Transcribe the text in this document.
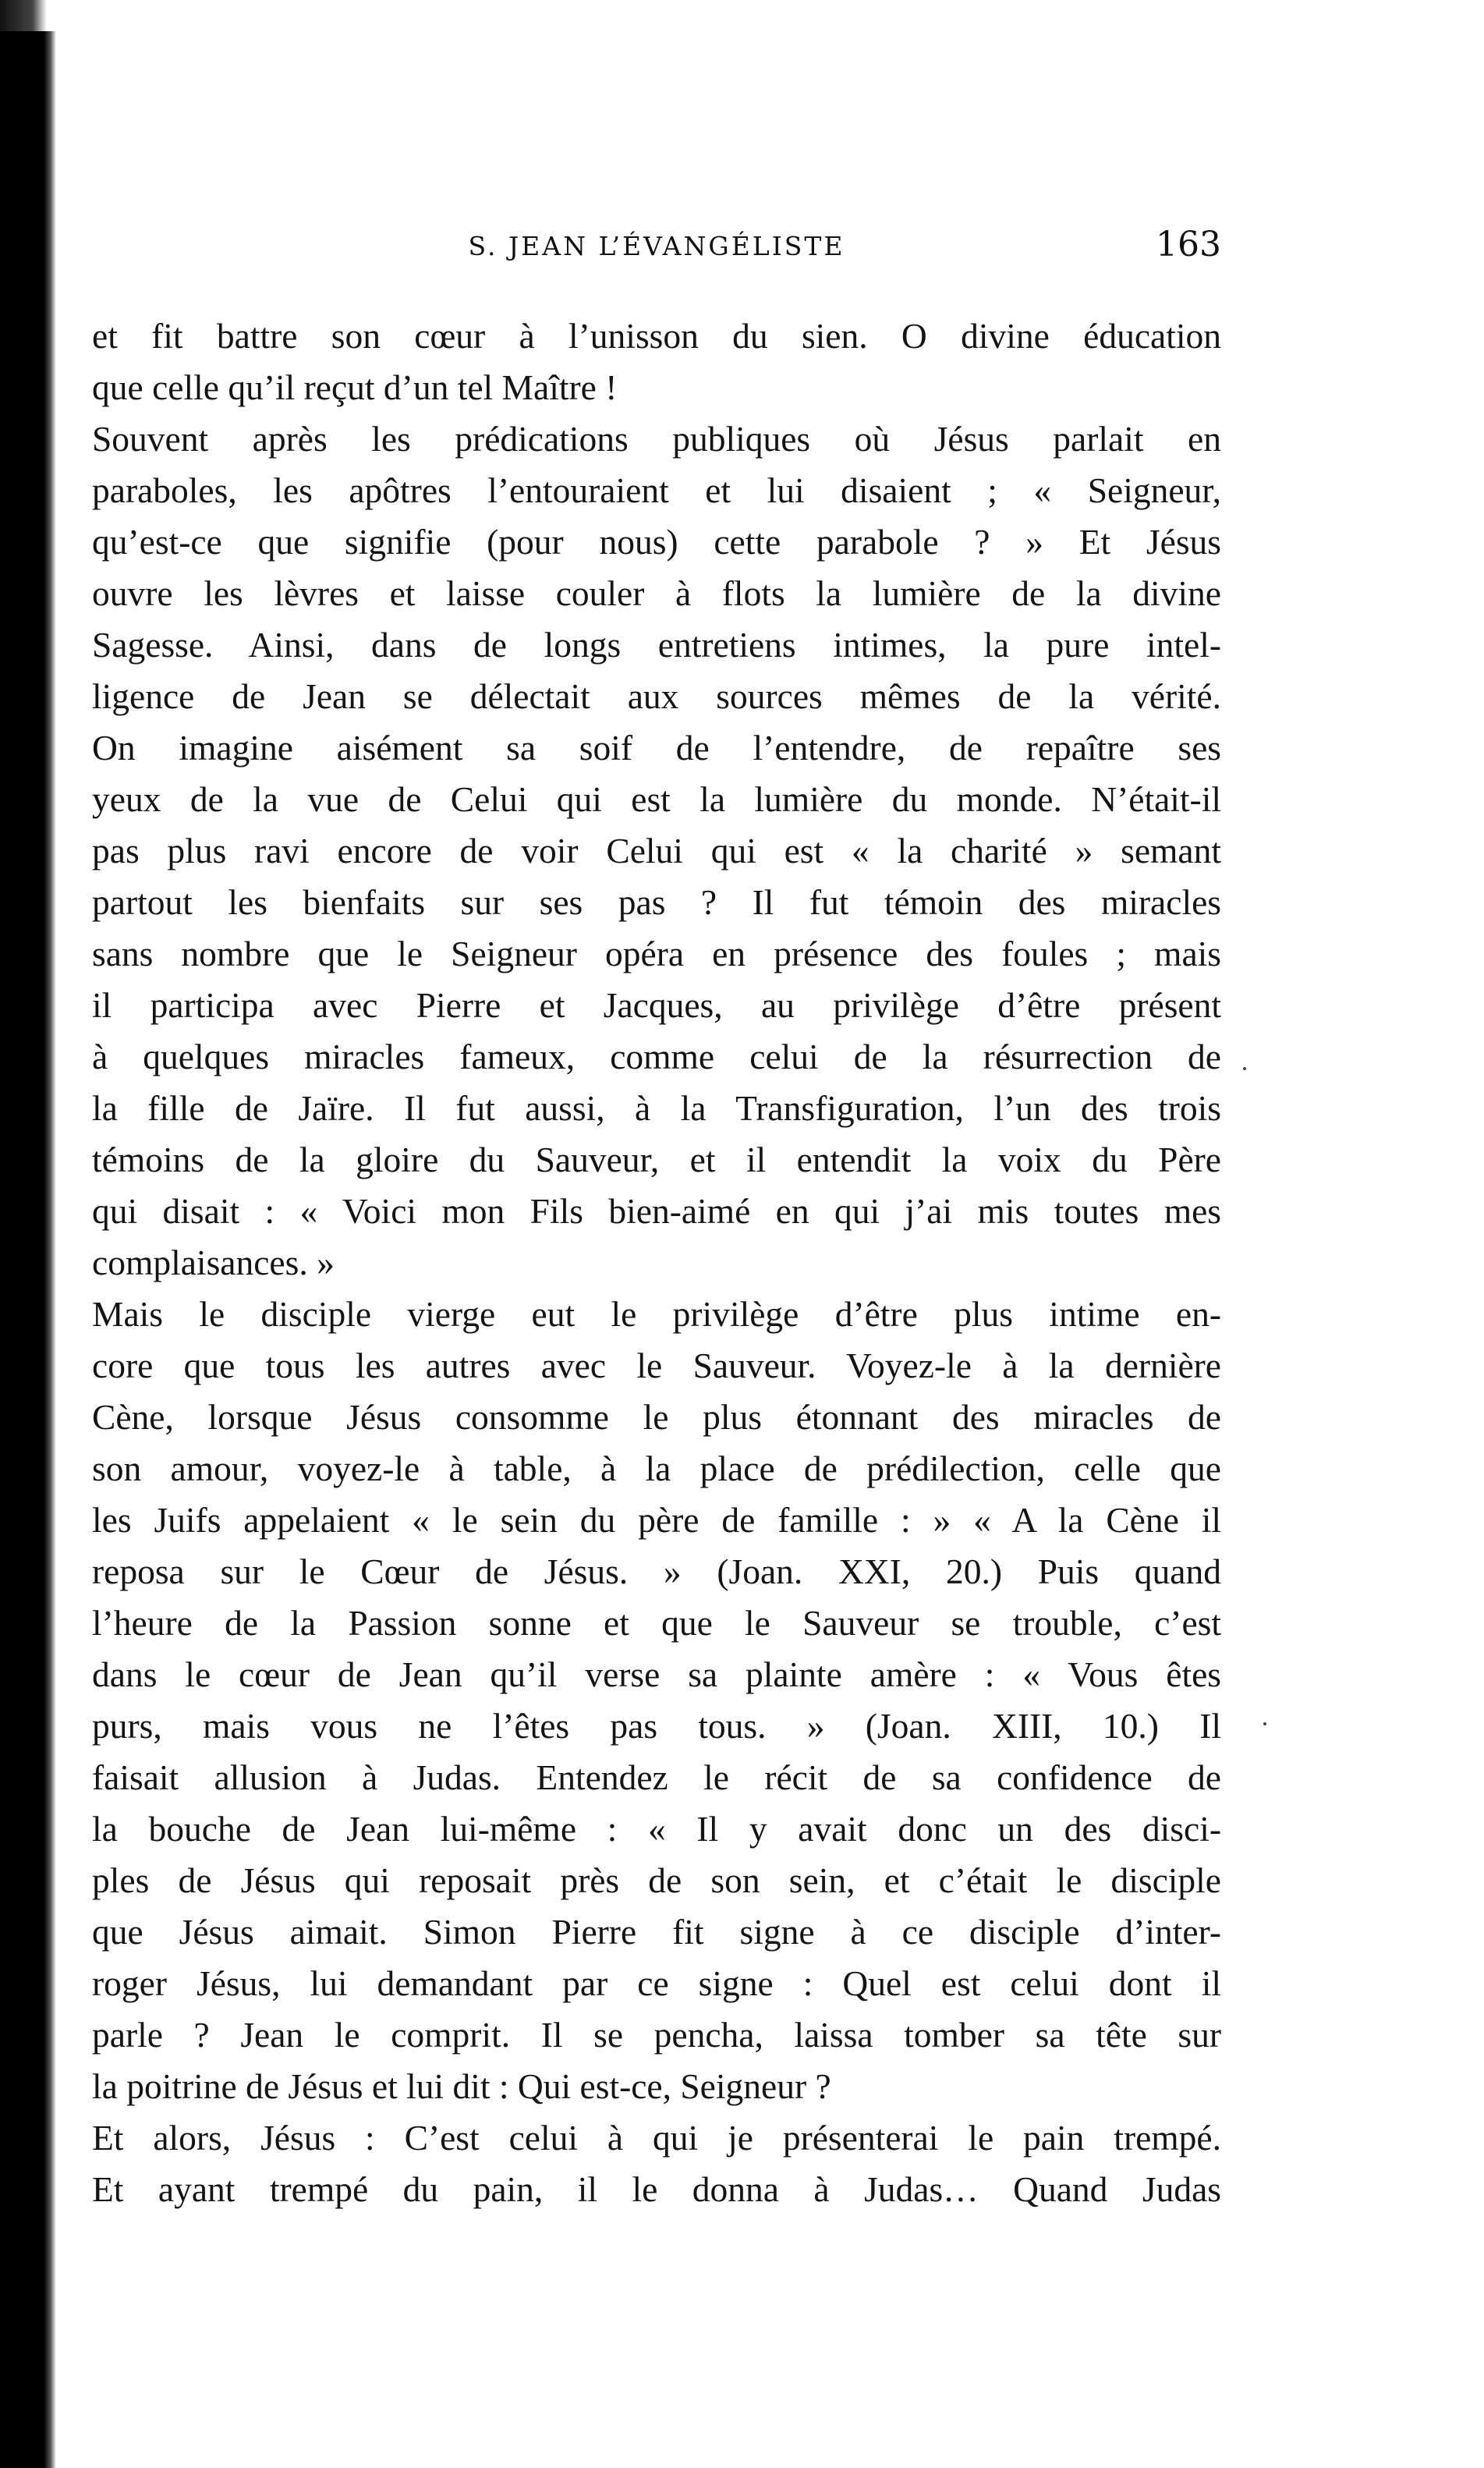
S. JEAN L’ÉVANGÉLISTE	163
et fit battre son cœur à l’unisson du sien. O divine éducation
que celle qu’il reçut d’un tel Maître !
Souvent après les prédications publiques où Jésus parlait en
paraboles, les apôtres l’entouraient et lui disaient ; « Seigneur,
qu’est-ce que signifie (pour nous) cette parabole ? » Et Jésus
ouvre les lèvres et laisse couler à flots la lumière de la divine
Sagesse. Ainsi, dans de longs entretiens intimes, la pure intel-
ligence de Jean se délectait aux sources mêmes de la vérité.
On imagine aisément sa soif de l’entendre, de repaître ses
yeux de la vue de Celui qui est la lumière du monde. N’était-il
pas plus ravi encore de voir Celui qui est « la charité » semant
partout les bienfaits sur ses pas ? Il fut témoin des miracles
sans nombre que le Seigneur opéra en présence des foules ; mais
il participa avec Pierre et Jacques, au privilège d’être présent
à quelques miracles fameux, comme celui de la résurrection de
la fille de Jaïre. Il fut aussi, à la Transfiguration, l’un des trois
témoins de la gloire du Sauveur, et il entendit la voix du Père
qui disait : « Voici mon Fils bien-aimé en qui j’ai mis toutes mes
complaisances. »
Mais le disciple vierge eut le privilège d’être plus intime en-
core que tous les autres avec le Sauveur. Voyez-le à la dernière
Cène, lorsque Jésus consomme le plus étonnant des miracles de
son amour, voyez-le à table, à la place de prédilection, celle que
les Juifs appelaient « le sein du père de famille : » « A la Cène il
reposa sur le Cœur de Jésus. » (Joan. XXI, 20.) Puis quand
l’heure de la Passion sonne et que le Sauveur se trouble, c’est
dans le cœur de Jean qu’il verse sa plainte amère : « Vous êtes
purs, mais vous ne l’êtes pas tous. » (Joan. XIII, 10.) Il
faisait allusion à Judas. Entendez le récit de sa confidence de
la bouche de Jean lui-même : « Il y avait donc un des disci-
ples de Jésus qui reposait près de son sein, et c’était le disciple
que Jésus aimait. Simon Pierre fit signe à ce disciple d’inter-
roger Jésus, lui demandant par ce signe : Quel est celui dont il
parle ? Jean le comprit. Il se pencha, laissa tomber sa tête sur
la poitrine de Jésus et lui dit : Qui est-ce, Seigneur ?
Et alors, Jésus : C’est celui à qui je présenterai le pain trempé.
Et ayant trempé du pain, il le donna à Judas… Quand Judas
